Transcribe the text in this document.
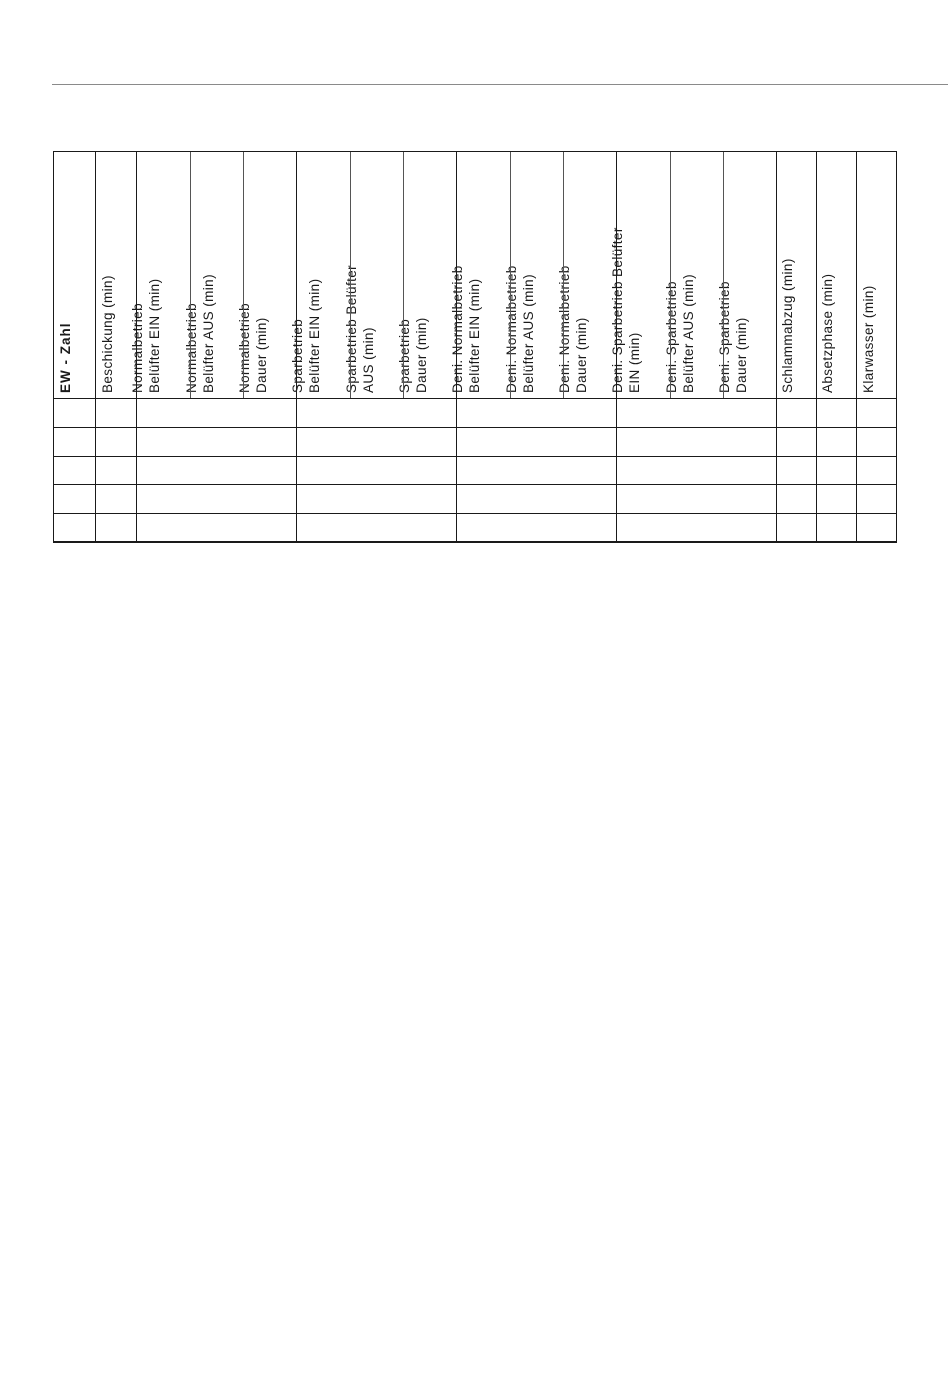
EW - Zahl Beschickung (min) Normalbetrieb
Belüfter EIN (min)
Normalbetrieb
Belüfter AUS (min)
Normalbetrieb
Dauer (min) Sparbetrieb
Belüfter EIN (min)
Sparbetrieb Belüfter
AUS (min) Sparbetrieb
Dauer (min)
Deni. Normalbetrieb
Belüfter EIN (min)
Deni. Normalbetrieb
Belüfter AUS (min)
Deni. Normalbetrieb
Dauer (min)
Deni. Sparbetrieb Belüfter
EIN (min)
Deni. Sparbetrieb
Belüfter AUS (min)
Deni. Sparbetrieb
Dauer (min) Schlammabzug (min) Absetzphase (min) Klarwasser (min)
